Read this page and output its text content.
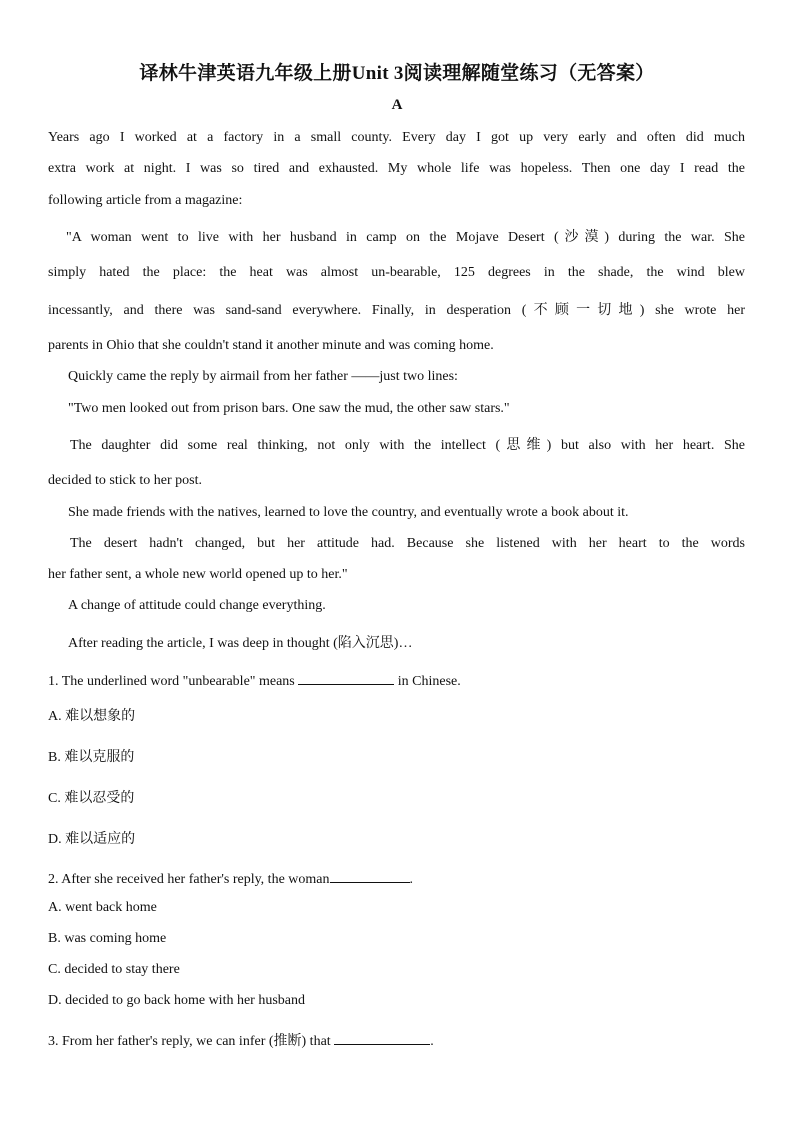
译林牛津英语九年级上册Unit 3阅读理解随堂练习（无答案）
A
Years ago I worked at a factory in a small county. Every day I got up very early and often did much
extra work at night. I was so tired and exhausted. My whole life was hopeless. Then one day I read the
following article from a magazine:
"A woman went to live with her husband in camp on the Mojave Desert (沙漠) during the war. She
simply hated the place: the heat was almost un-bearable, 125 degrees in the shade, the wind blew
incessantly, and there was sand-sand everywhere. Finally, in desperation (不顾一切地) she wrote her
parents in Ohio that she couldn't stand it another minute and was coming home.
Quickly came the reply by airmail from her father ——just two lines:
"Two men looked out from prison bars. One saw the mud, the other saw stars."
The daughter did some real thinking, not only with the intellect (思维) but also with her heart. She
decided to stick to her post.
She made friends with the natives, learned to love the country, and eventually wrote a book about it.
The desert hadn't changed, but her attitude had. Because she listened with her heart to the words
her father sent, a whole new world opened up to her."
A change of attitude could change everything.
After reading the article, I was deep in thought (陷入沉思)…
1. The underlined word "unbearable" means	in Chinese.
A. 难以想象的
B. 难以克服的
C. 难以忍受的
D. 难以适应的
2. After she received her father's reply, the woman	.
A. went back home
B. was coming home
C. decided to stay there
D. decided to go back home with her husband
3. From her father's reply, we can infer (推断) that	.
